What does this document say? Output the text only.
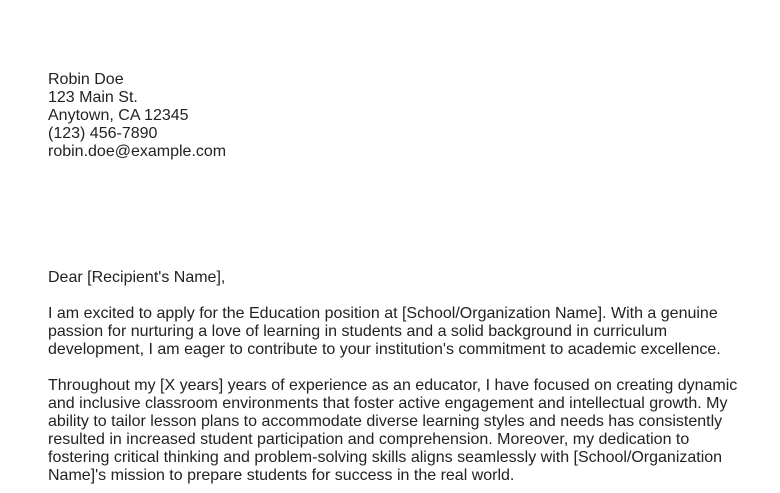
Robin Doe
123 Main St.
Anytown, CA 12345
(123) 456-7890
robin.doe@example.com
Dear [Recipient's Name],
I am excited to apply for the Education position at [School/Organization Name]. With a genuine passion for nurturing a love of learning in students and a solid background in curriculum development, I am eager to contribute to your institution's commitment to academic excellence.
Throughout my [X years] years of experience as an educator, I have focused on creating dynamic and inclusive classroom environments that foster active engagement and intellectual growth. My ability to tailor lesson plans to accommodate diverse learning styles and needs has consistently resulted in increased student participation and comprehension. Moreover, my dedication to fostering critical thinking and problem-solving skills aligns seamlessly with [School/Organization Name]'s mission to prepare students for success in the real world.
